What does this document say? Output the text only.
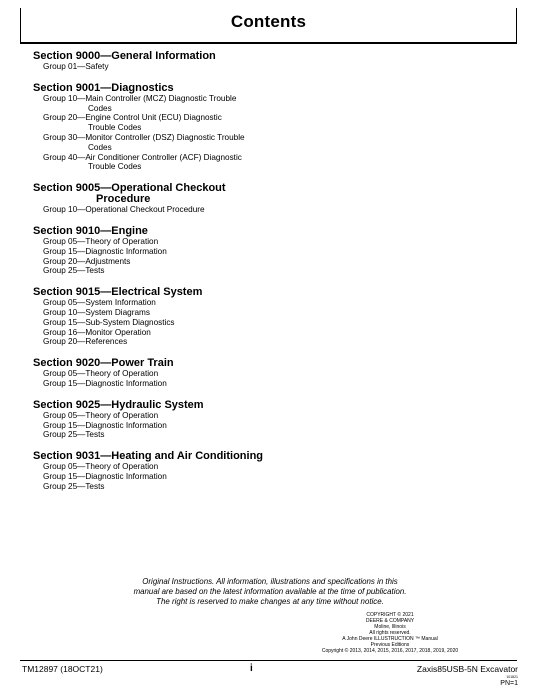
Contents
Section 9000—General Information
Group 01—Safety
Section 9001—Diagnostics
Group 10—Main Controller (MCZ) Diagnostic Trouble
Codes
Group 20—Engine Control Unit (ECU) Diagnostic
Trouble Codes
Group 30—Monitor Controller (DSZ) Diagnostic Trouble
Codes
Group 40—Air Conditioner Controller (ACF) Diagnostic
Trouble Codes
Section 9005—Operational Checkout
Procedure
Group 10—Operational Checkout Procedure
Section 9010—Engine
Group 05—Theory of Operation
Group 15—Diagnostic Information
Group 20—Adjustments
Group 25—Tests
Section 9015—Electrical System
Group 05—System Information
Group 10—System Diagrams
Group 15—Sub-System Diagnostics
Group 16—Monitor Operation
Group 20—References
Section 9020—Power Train
Group 05—Theory of Operation
Group 15—Diagnostic Information
Section 9025—Hydraulic System
Group 05—Theory of Operation
Group 15—Diagnostic Information
Group 25—Tests
Section 9031—Heating and Air Conditioning
Group 05—Theory of Operation
Group 15—Diagnostic Information
Group 25—Tests
Original Instructions. All information, illustrations and specifications in this
manual are based on the latest information available at the time of publication.
The right is reserved to make changes at any time without notice.
COPYRIGHT © 2021
DEERE & COMPANY
Moline, Illinois
All rights reserved.
A John Deere ILLUSTRUCTION ™ Manual
Previous Editions
Copyright © 2013, 2014, 2015, 2016, 2017, 2018, 2019, 2020
TM12897 (18OCT21)	i	Zaxis85USB-5N Excavator
101821
PN=1
